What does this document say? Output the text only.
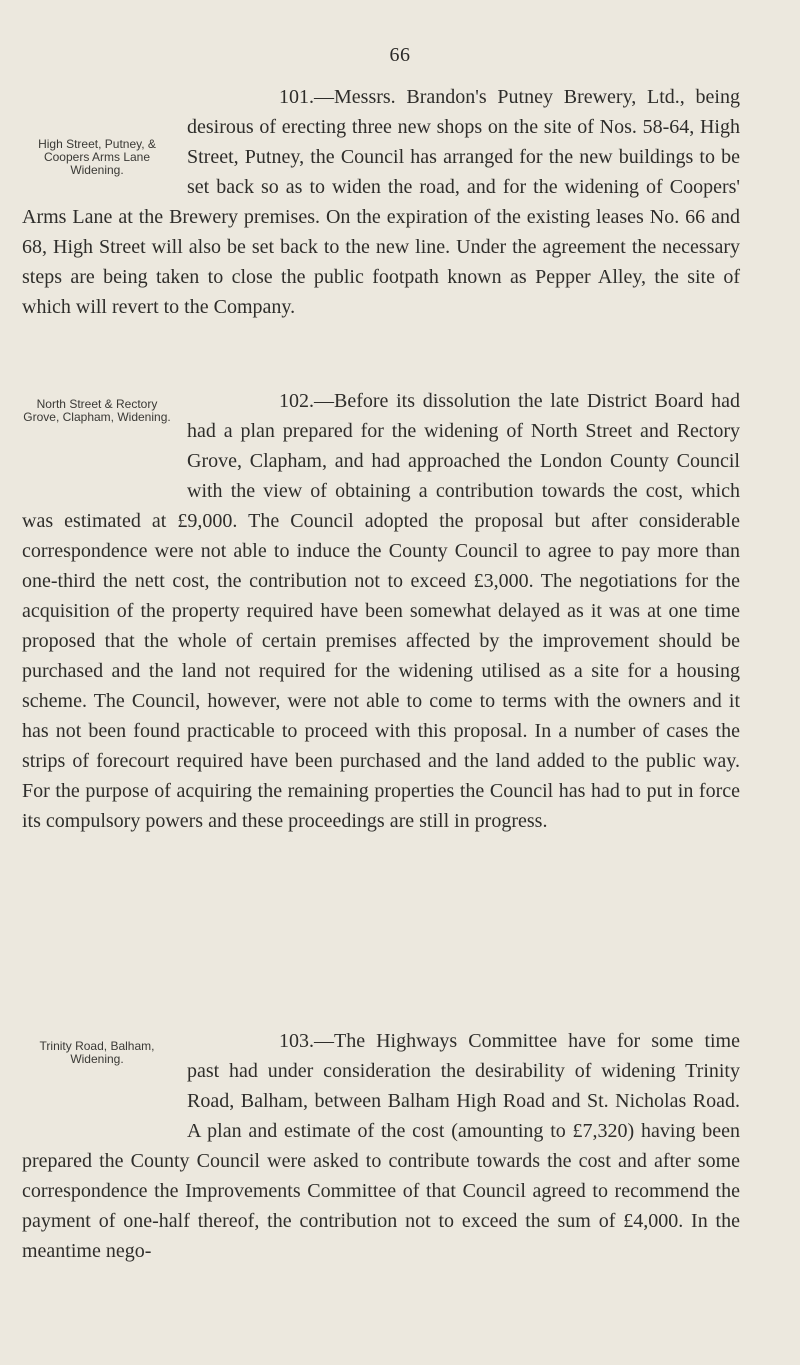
66
High Street, Putney, & Coopers Arms Lane Widening.

101.—Messrs. Brandon's Putney Brewery, Ltd., being desirous of erecting three new shops on the site of Nos. 58-64, High Street, Putney, the Council has arranged for the new buildings to be set back so as to widen the road, and for the widening of Coopers' Arms Lane at the Brewery premises. On the expiration of the existing leases No. 66 and 68, High Street will also be set back to the new line. Under the agreement the necessary steps are being taken to close the public footpath known as Pepper Alley, the site of which will revert to the Company.

North Street & Rectory Grove, Clapham, Widening.

102.—Before its dissolution the late District Board had had a plan prepared for the widening of North Street and Rectory Grove, Clapham, and had approached the London County Council with the view of obtaining a contribution towards the cost, which was estimated at £9,000. The Council adopted the proposal but after considerable correspondence were not able to induce the County Council to agree to pay more than one-third the nett cost, the contribution not to exceed £3,000. The negotiations for the acquisition of the property required have been somewhat delayed as it was at one time proposed that the whole of certain premises affected by the improvement should be purchased and the land not required for the widening utilised as a site for a housing scheme. The Council, however, were not able to come to terms with the owners and it has not been found practicable to proceed with this proposal. In a number of cases the strips of forecourt required have been purchased and the land added to the public way. For the purpose of acquiring the remaining properties the Council has had to put in force its compulsory powers and these proceedings are still in progress.

Trinity Road, Balham, Widening.

103.—The Highways Committee have for some time past had under consideration the desirability of widening Trinity Road, Balham, between Balham High Road and St. Nicholas Road. A plan and estimate of the cost (amounting to £7,320) having been prepared the County Council were asked to contribute towards the cost and after some correspondence the Improvements Committee of that Council agreed to recommend the payment of one-half thereof, the contribution not to exceed the sum of £4,000. In the meantime nego-
